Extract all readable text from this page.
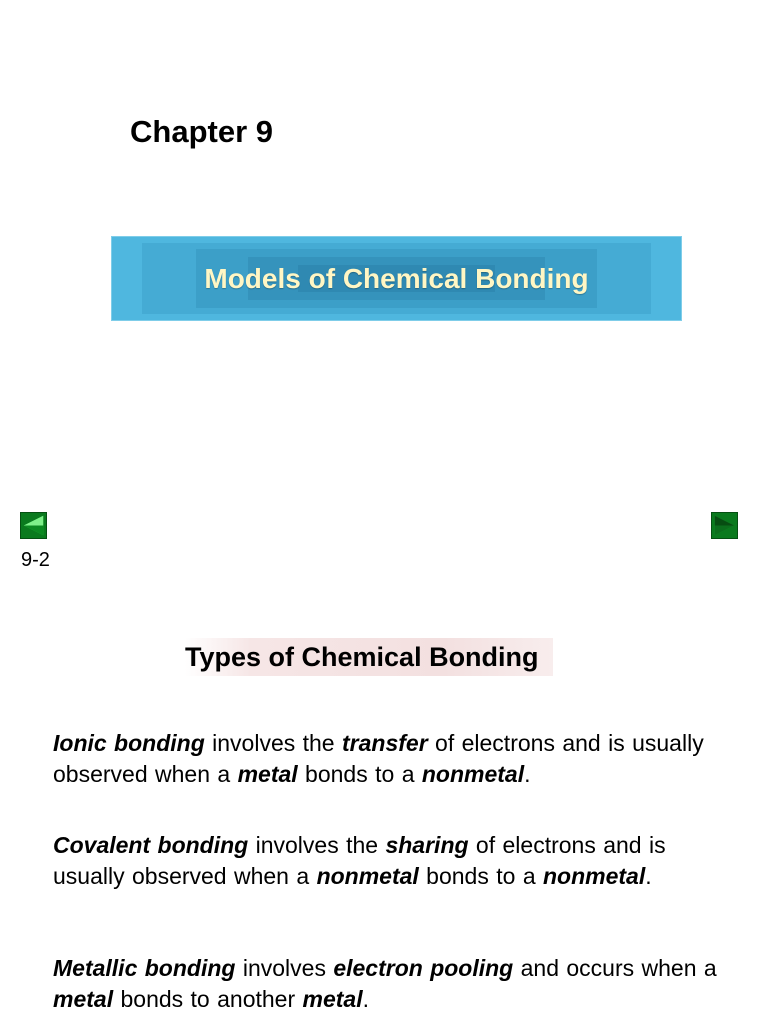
Chapter 9
Models of Chemical Bonding

9-2

Types of Chemical Bonding

Ionic bonding involves the transfer of electrons and is usually observed when a metal bonds to a nonmetal.

Covalent bonding involves the sharing of electrons and is usually observed when a nonmetal bonds to a nonmetal.

Metallic bonding involves electron pooling and occurs when a metal bonds to another metal.
